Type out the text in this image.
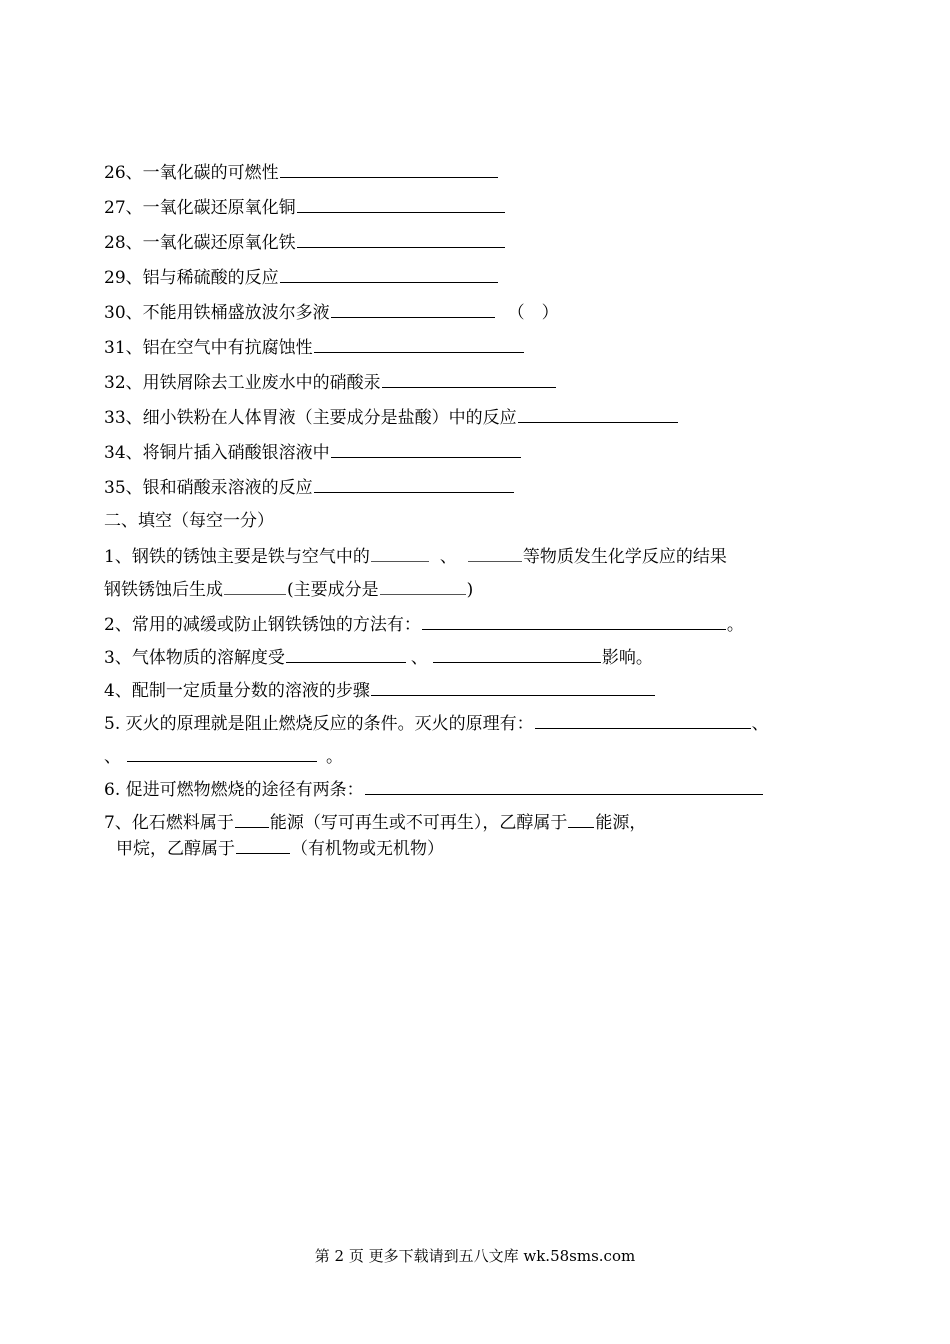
26、一氧化碳的可燃性
27、一氧化碳还原氧化铜
28、一氧化碳还原氧化铁
29、铝与稀硫酸的反应
30、不能用铁桶盛放波尔多液	（　）
31、铝在空气中有抗腐蚀性
32、用铁屑除去工业废水中的硝酸汞
33、细小铁粉在人体胃液（主要成分是盐酸）中的反应
34、将铜片插入硝酸银溶液中
35、银和硝酸汞溶液的反应
二、填空（每空一分）
1、钢铁的锈蚀主要是铁与空气中的	、	等物质发生化学反应的结果
钢铁锈蚀后生成	(主要成分是	)
2、常用的减缓或防止钢铁锈蚀的方法有：	。
3、气体物质的溶解度受	、	影响。
4、配制一定质量分数的溶液的步骤
5. 灭火的原理就是阻止燃烧反应的条件。灭火的原理有：	、
、	。
6. 促进可燃物燃烧的途径有两条：
7、化石燃料属于 能源（写可再生或不可再生），乙醇属于 能源，
甲烷，乙醇属于	（有机物或无机物）
第 2 页 更多下载请到五八文库 wk.58sms.com
